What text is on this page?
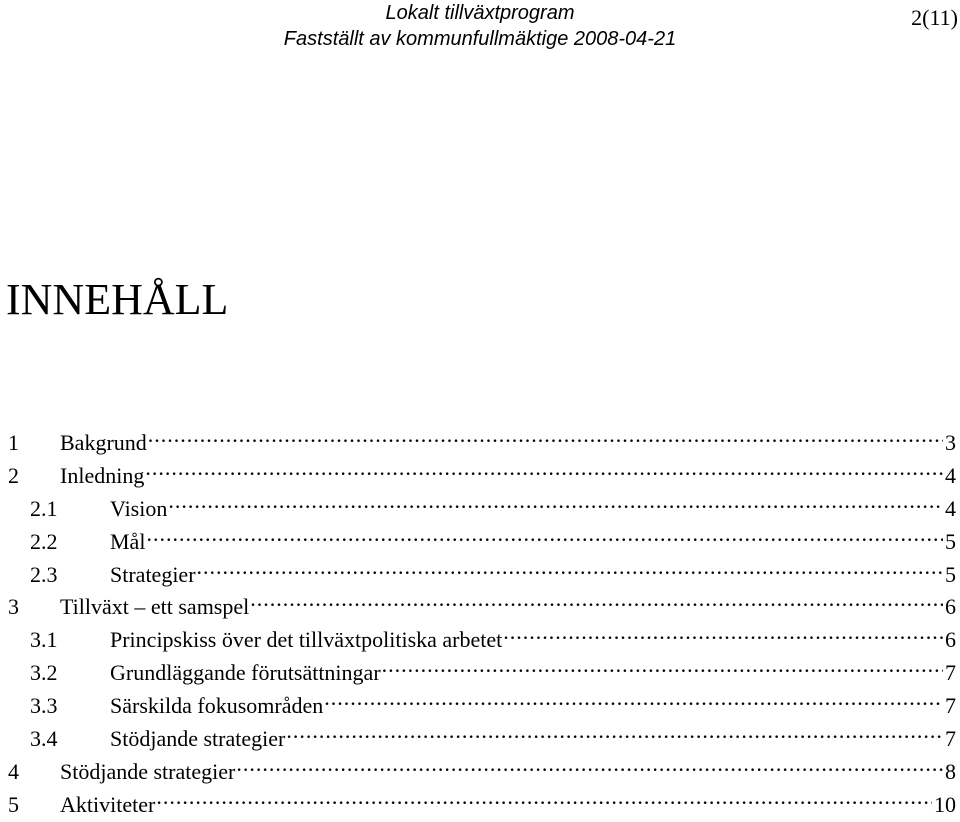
Lokalt tillväxtprogram
Fastställt av kommunfullmäktige 2008-04-21
2(11)
INNEHÅLL
1	Bakgrund .....	3
2	Inledning .....	4
2.1	Vision .....	4
2.2	Mål .....	5
2.3	Strategier .....	5
3	Tillväxt – ett samspel .....	6
3.1	Principskiss över det tillväxtpolitiska arbetet .....	6
3.2	Grundläggande förutsättningar .....	7
3.3	Särskilda fokusområden .....	7
3.4	Stödjande strategier .....	7
4	Stödjande strategier .....	8
5	Aktiviteter .....	10
